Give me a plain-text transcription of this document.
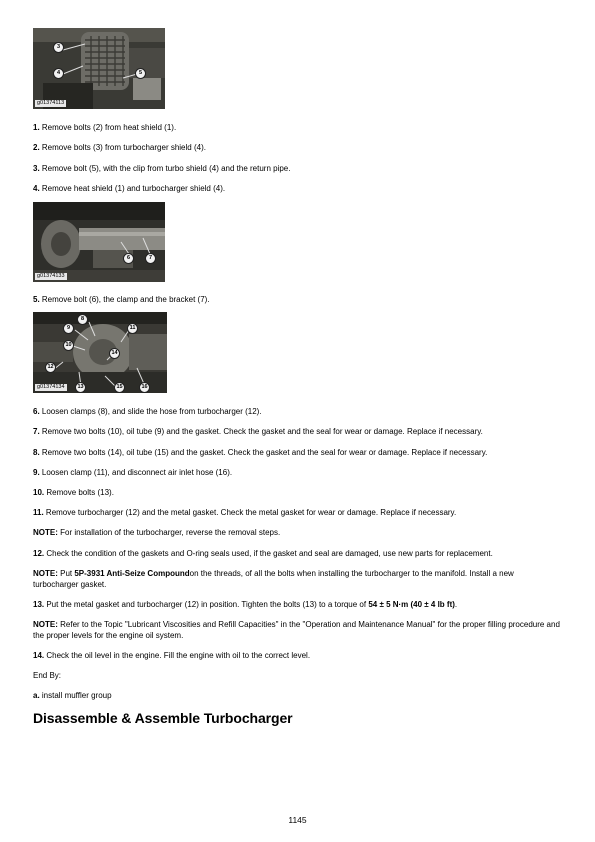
3
4	5
g01374113

1. Remove bolts (2) from heat shield (1).

2. Remove bolts (3) from turbocharger shield (4).

3. Remove bolt (5), with the clip from turbo shield (4) and the return pipe.

4. Remove heat shield (1) and turbocharger shield (4).

6	7
g01374133

5. Remove bolt (6), the clamp and the bracket (7).

8
9
10
11
12
14
13	15	16
g01374134

6. Loosen clamps (8), and slide the hose from turbocharger (12).

7. Remove two bolts (10), oil tube (9) and the gasket. Check the gasket and the seal for wear or damage. Replace if necessary.

8. Remove two bolts (14), oil tube (15) and the gasket. Check the gasket and the seal for wear or damage. Replace if necessary.

9. Loosen clamp (11), and disconnect air inlet hose (16).

10. Remove bolts (13).

11. Remove turbocharger (12) and the metal gasket. Check the metal gasket for wear or damage. Replace if necessary.

NOTE: For installation of the turbocharger, reverse the removal steps.

12. Check the condition of the gaskets and O-ring seals used, if the gasket and seal are damaged, use new parts for replacement.

NOTE: Put 5P-3931 Anti-Seize Compoundon the threads, of all the bolts when installing the turbocharger to the manifold. Install a new turbocharger gasket.

13. Put the metal gasket and turbocharger (12) in position. Tighten the bolts (13) to a torque of 54 ± 5 N·m (40 ± 4 lb ft).

NOTE: Refer to the Topic "Lubricant Viscosities and Refill Capacities" in the "Operation and Maintenance Manual" for the proper filling procedure and the proper levels for the engine oil system.

14. Check the oil level in the engine. Fill the engine with oil to the correct level.

End By:

a. install muffler group

Disassemble & Assemble Turbocharger
1145
